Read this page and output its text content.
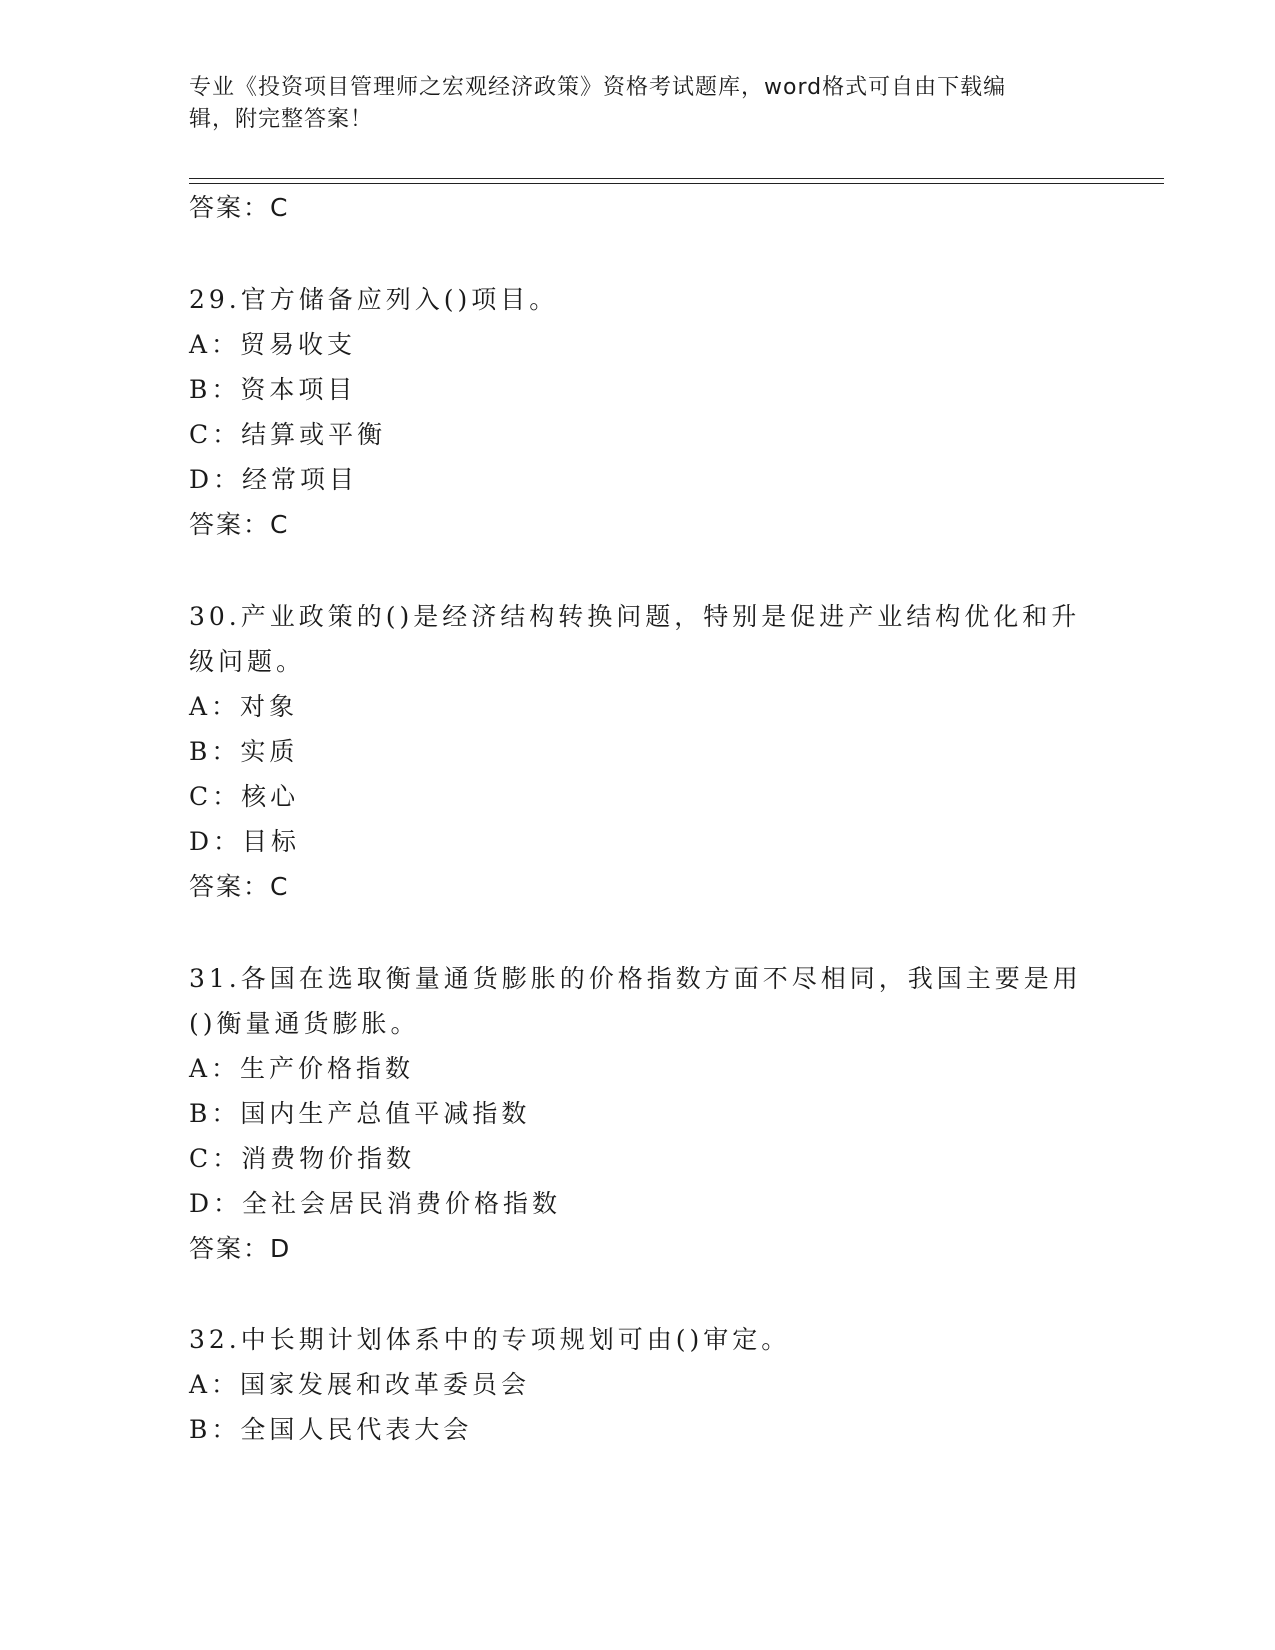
专业《投资项目管理师之宏观经济政策》资格考试题库，word格式可自由下载编
辑，附完整答案！
答案：C
29.官方储备应列入()项目。
A：贸易收支
B：资本项目
C：结算或平衡
D：经常项目
答案：C
30.产业政策的()是经济结构转换问题，特别是促进产业结构优化和升
级问题。
A：对象
B：实质
C：核心
D：目标
答案：C
31.各国在选取衡量通货膨胀的价格指数方面不尽相同，我国主要是用
()衡量通货膨胀。
A：生产价格指数
B：国内生产总值平减指数
C：消费物价指数
D：全社会居民消费价格指数
答案：D
32.中长期计划体系中的专项规划可由()审定。
A：国家发展和改革委员会
B：全国人民代表大会
